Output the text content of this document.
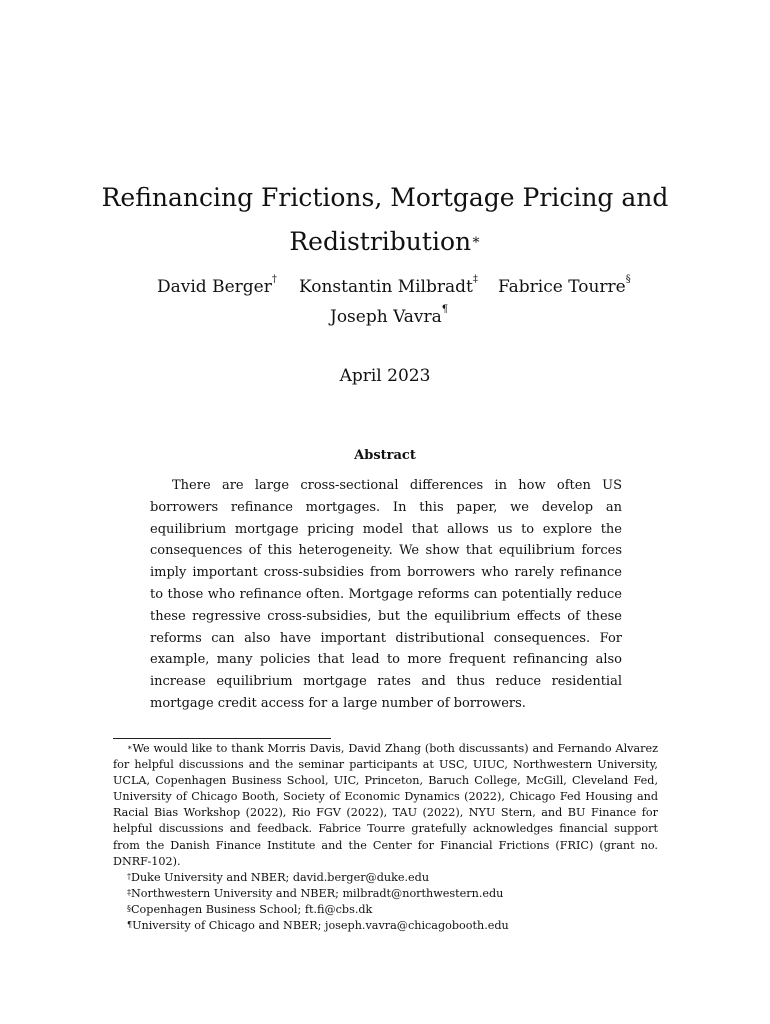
Refinancing Frictions, Mortgage Pricing and
Redistribution∗
David Berger† Konstantin Milbradt‡ Fabrice Tourre§
Joseph Vavra¶
April 2023
Abstract

There are large cross-sectional differences in how often US borrowers refinance mortgages. In this paper, we develop an equilibrium mortgage pricing model that allows us to explore the consequences of this heterogeneity. We show that equilibrium forces imply important cross-subsidies from borrowers who rarely refinance to those who refinance often. Mortgage reforms can potentially reduce these regressive cross-subsidies, but the equilibrium effects of these reforms can also have important distributional consequences. For example, many policies that lead to more frequent refinancing also increase equilibrium mortgage rates and thus reduce residential mortgage credit access for a large number of borrowers.

∗We would like to thank Morris Davis, David Zhang (both discussants) and Fernando Alvarez for helpful discussions and the seminar participants at USC, UIUC, Northwestern University, UCLA, Copenhagen Business School, UIC, Princeton, Baruch College, McGill, Cleveland Fed, University of Chicago Booth, Society of Economic Dynamics (2022), Chicago Fed Housing and Racial Bias Workshop (2022), Rio FGV (2022), TAU (2022), NYU Stern, and BU Finance for helpful discussions and feedback. Fabrice Tourre gratefully acknowledges financial support from the Danish Finance Institute and the Center for Financial Frictions (FRIC) (grant no. DNRF-102).

†Duke University and NBER; david.berger@duke.edu

‡Northwestern University and NBER; milbradt@northwestern.edu

§Copenhagen Business School; ft.fi@cbs.dk

¶University of Chicago and NBER; joseph.vavra@chicagobooth.edu
